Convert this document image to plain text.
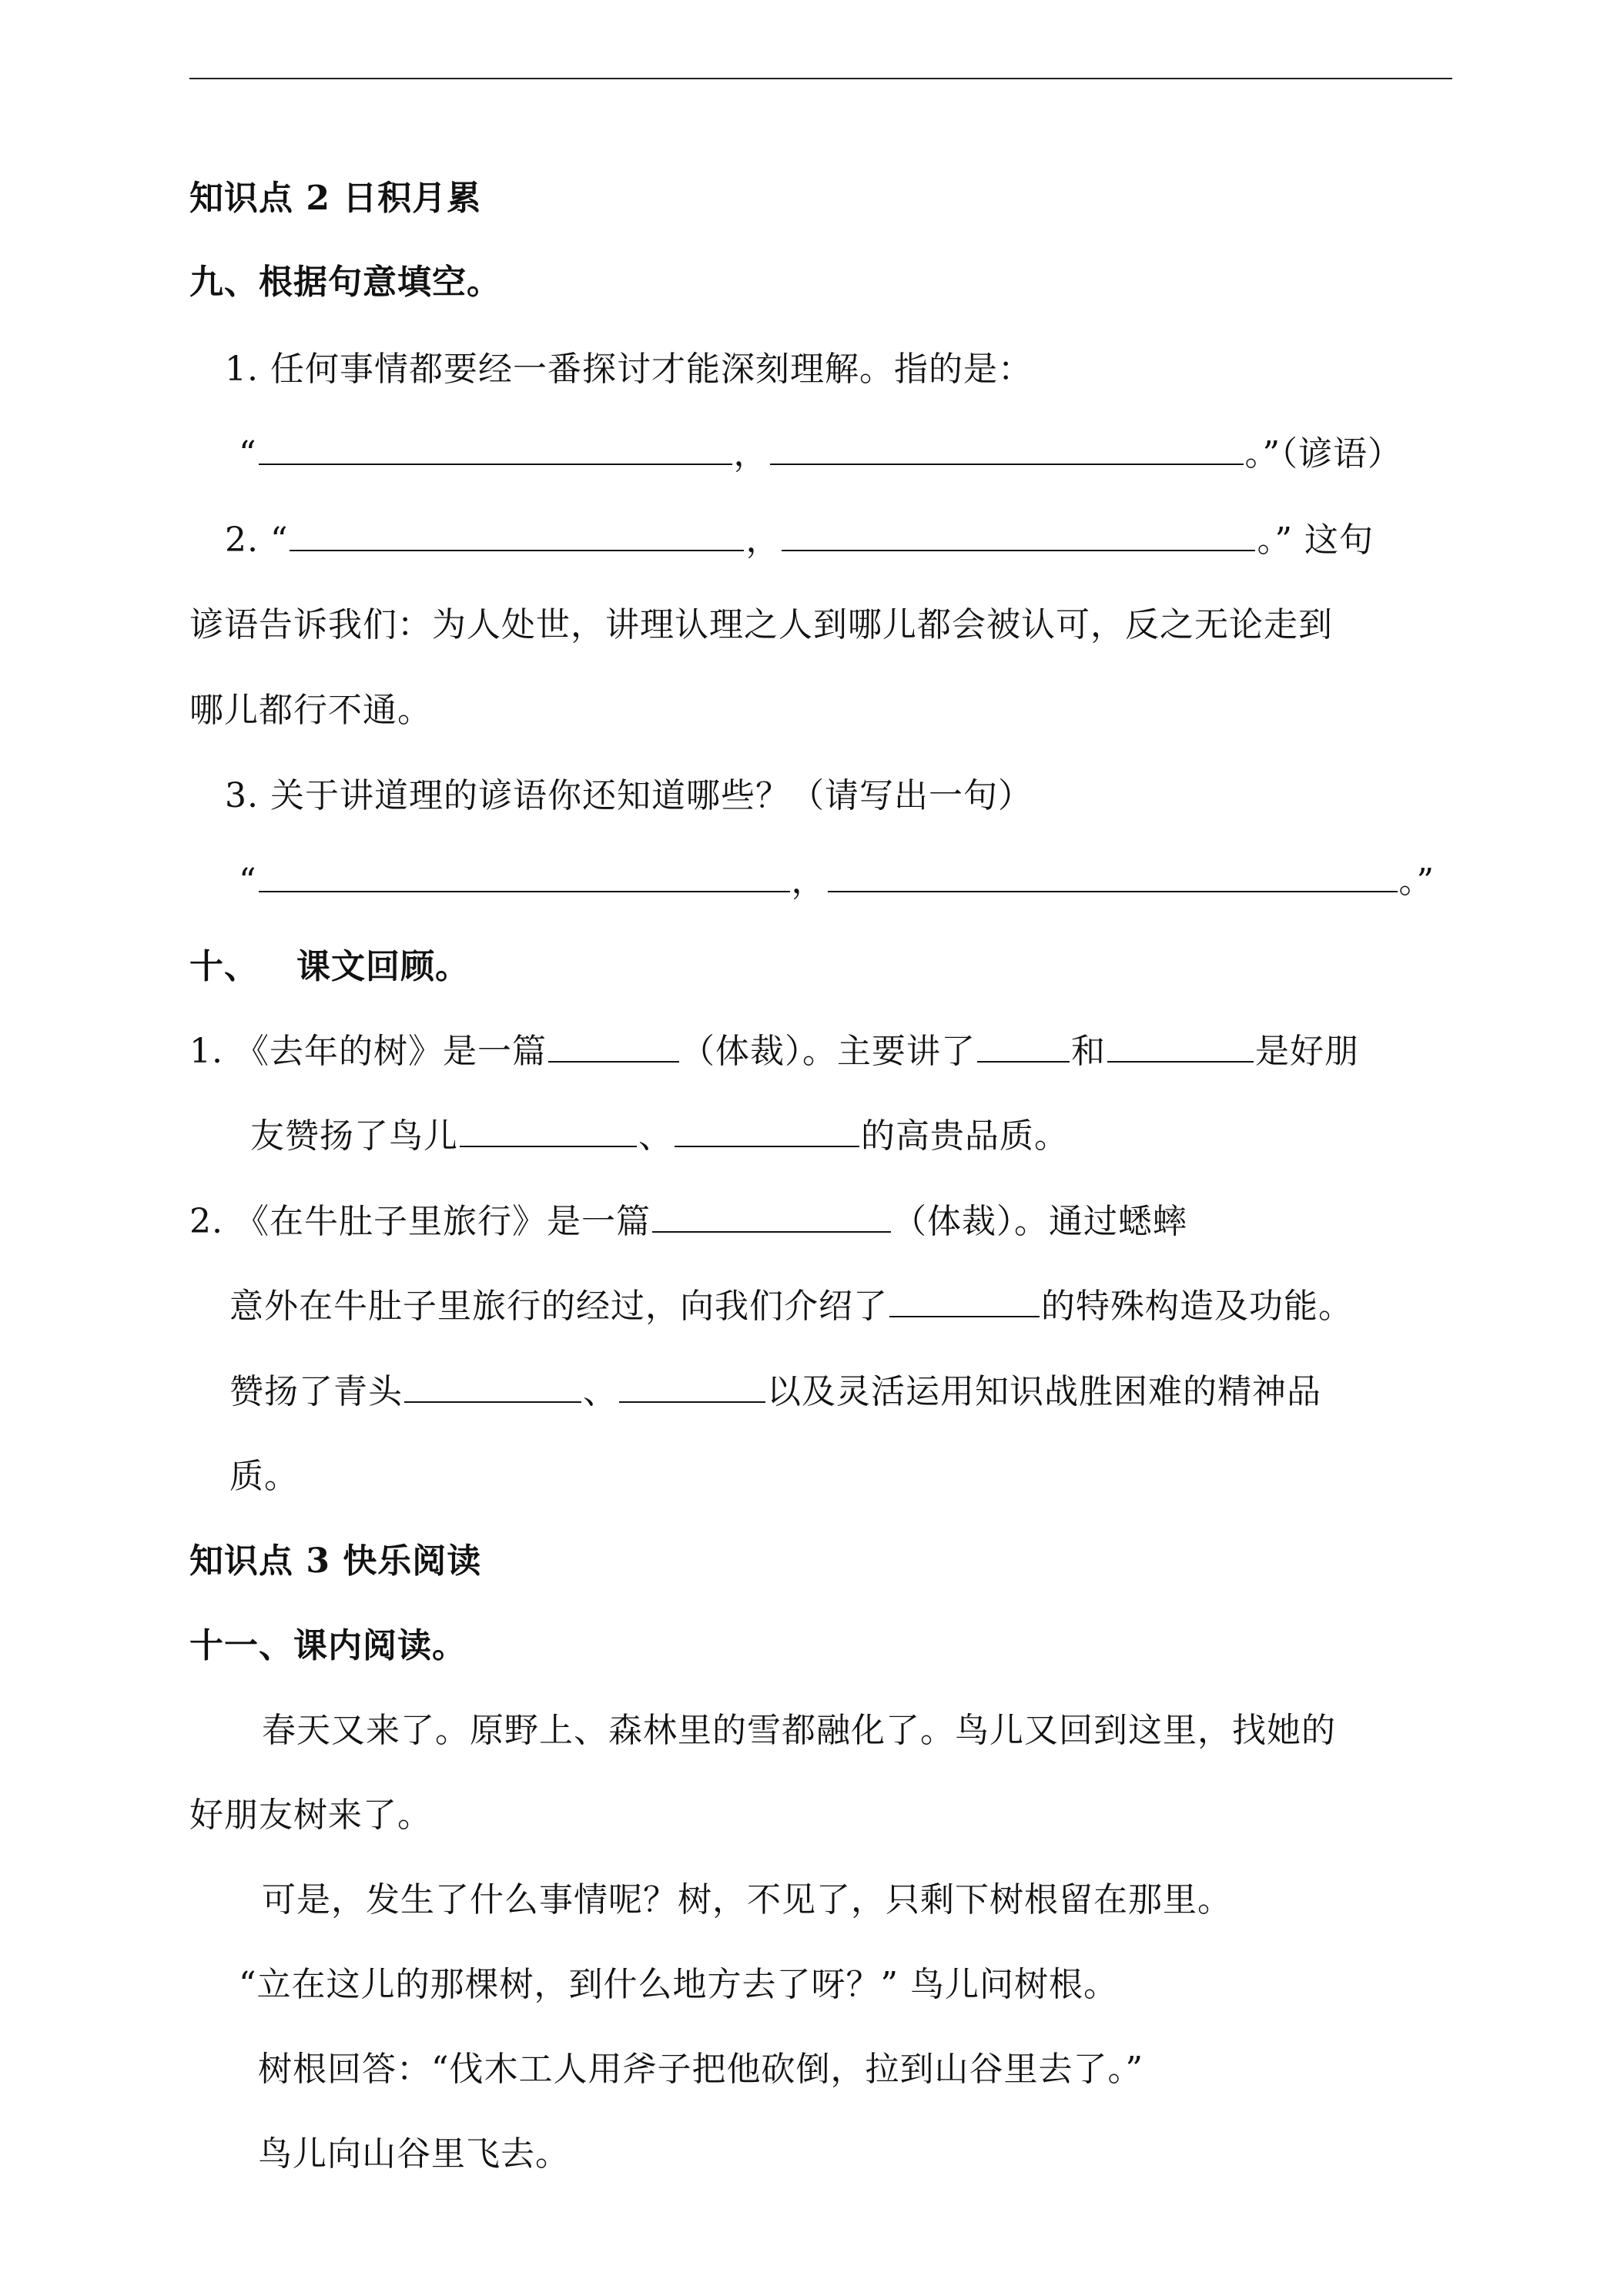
知识点 2 日积月累
九、根据句意填空。
1. 任何事情都要经一番探讨才能深刻理解。指的是：
“	，	。”（谚语）
2. “	，	。” 这句
谚语告诉我们：为人处世，讲理认理之人到哪儿都会被认可，反之无论走到
哪儿都行不通。
3. 关于讲道理的谚语你还知道哪些？（请写出一句）
“	，	。”
十、   课文回顾。
1. 《去年的树》是一篇	（体裁）。主要讲了	和	是好朋
友赞扬了鸟儿	、	的高贵品质。
2. 《在牛肚子里旅行》是一篇	（体裁）。通过蟋蟀
意外在牛肚子里旅行的经过，向我们介绍了	的特殊构造及功能。
赞扬了青头	、	以及灵活运用知识战胜困难的精神品
质。
知识点 3 快乐阅读
十一、课内阅读。
春天又来了。原野上、森林里的雪都融化了。鸟儿又回到这里，找她的
好朋友树来了。
可是，发生了什么事情呢？树，不见了，只剩下树根留在那里。
“立在这儿的那棵树，到什么地方去了呀？” 鸟儿问树根。
树根回答：“伐木工人用斧子把他砍倒，拉到山谷里去了。”
鸟儿向山谷里飞去。
